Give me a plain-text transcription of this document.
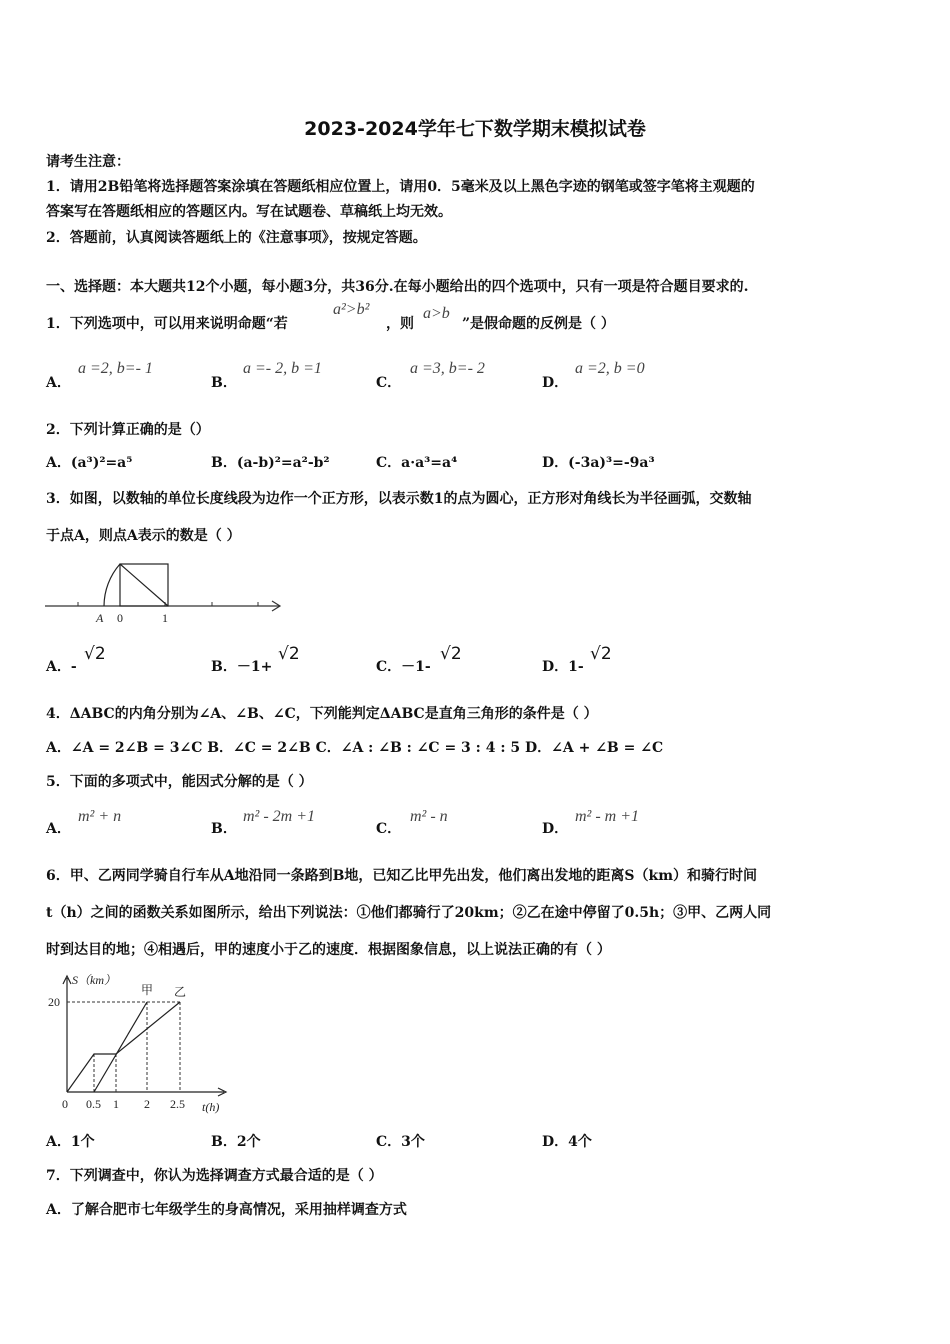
2023-2024学年七下数学期末模拟试卷
请考生注意：
1．请用2B铅笔将选择题答案涂填在答题纸相应位置上，请用0．5毫米及以上黑色字迹的钢笔或签字笔将主观题的
答案写在答题纸相应的答题区内。写在试题卷、草稿纸上均无效。
2．答题前，认真阅读答题纸上的《注意事项》，按规定答题。
一、选择题：本大题共12个小题，每小题3分，共36分.在每小题给出的四个选项中，只有一项是符合题目要求的.
1．下列选项中，可以用来说明命题“若
a²>b²
，则
a>b
”是假命题的反例是（ ）
A．
a =2, b=- 1
B．
a =- 2, b =1
C．
a =3, b=- 2
D．
a =2, b =0
2．下列计算正确的是（）
A．(a³)²=a⁵	B．(a-b)²=a²-b²	C．a·a³=a⁴	D．(-3a)³=-9a³
3．如图，以数轴的单位长度线段为边作一个正方形，以表示数1的点为圆心，正方形对角线长为半径画弧，交数轴
于点A，则点A表示的数是（ ）
A 0	1
A．-
√2
B．－1+
√2
C．－1-
√2
D．1-
√2
4．ΔABC的内角分别为∠A、∠B、∠C，下列能判定ΔABC是直角三角形的条件是（ ）
A．∠A = 2∠B = 3∠C B．∠C = 2∠B C．∠A : ∠B : ∠C = 3 : 4 : 5 D．∠A + ∠B = ∠C
5．下面的多项式中，能因式分解的是（ ）
A．
m² + n
B．
m² - 2m +1
C．
m² - n
D．
m² - m +1
6．甲、乙两同学骑自行车从A地沿同一条路到B地，已知乙比甲先出发，他们离出发地的距离S（km）和骑行时间
t（h）之间的函数关系如图所示，给出下列说法：①他们都骑行了20km；②乙在途中停留了0.5h；③甲、乙两人同
时到达目的地；④相遇后，甲的速度小于乙的速度．根据图象信息，以上说法正确的有（ ）
S（km）
20
0 0.5 1 2 2.5 t(h)
甲 乙
A．1个	B．2个	C．3个	D．4个
7．下列调查中，你认为选择调查方式最合适的是（ ）
A．了解合肥市七年级学生的身高情况，采用抽样调查方式
